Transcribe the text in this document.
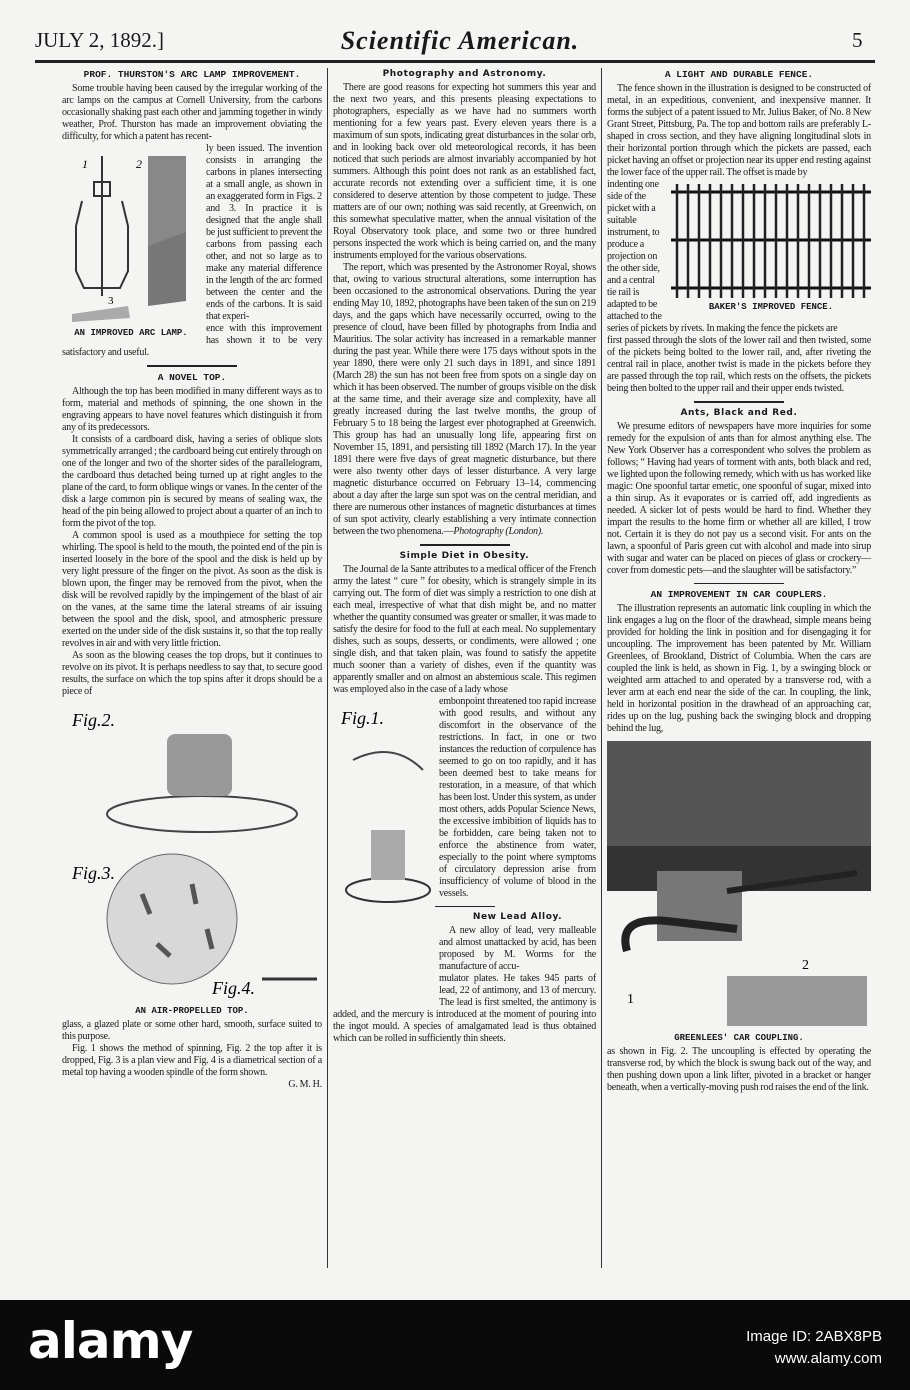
JULY 2, 1892.]	Scientific American.	5
PROF. THURSTON'S ARC LAMP IMPROVEMENT.

Some trouble having been caused by the irregular working of the arc lamps on the campus at Cornell University, from the carbons occasionally shaking past each other and jamming together in windy weather, Prof. Thurston has made an improvement obviating the difficulty, for which a patent has recent-

1	2
3
AN IMPROVED ARC LAMP.
ly been issued. The invention consists in arranging the carbons in planes intersecting at a small angle, as shown in an exaggerated form in Figs. 2 and 3. In practice it is designed that the angle shall be just sufficient to prevent the carbons from passing each other, and not so large as to make any material difference in the length of the arc formed between the center and the ends of the carbons. It is said that experi-
ence with this improvement has shown it to be very satisfactory and useful.
A NOVEL TOP.

Although the top has been modified in many different ways as to form, material and methods of spinning, the one shown in the engraving appears to have novel features which distinguish it from any of its predecessors.

It consists of a cardboard disk, having a series of oblique slots symmetrically arranged ; the cardboard being cut entirely through on one of the longer and two of the shorter sides of the parallelogram, the cardboard thus detached being turned up at right angles to the plane of the card, to form oblique wings or vanes. In the center of the disk a large common pin is secured by means of sealing wax, the head of the pin being allowed to project about a quarter of an inch to form the pivot of the top.

A common spool is used as a mouthpiece for setting the top whirling. The spool is held to the mouth, the pointed end of the pin is inserted loosely in the bore of the spool and the disk is held up by very light pressure of the finger on the pivot. As soon as the disk is blown upon, the finger may be removed from the pivot, when the disk will be revolved rapidly by the impingement of the blast of air on the vanes, at the same time the lateral streams of air issuing between the spool and the disk, spool, and atmospheric pressure exerted on the under side of the disk sustains it, so that the top really revolves in air and with very little friction.

As soon as the blowing ceases the top drops, but it continues to revolve on its pivot. It is perhaps needless to say that, to secure good results, the surface on which the top spins after it drops should be a piece of

Fig.2.
Fig.3.
Fig.4.
AN AIR-PROPELLED TOP.

glass, a glazed plate or some other hard, smooth, surface suited to this purpose.

Fig. 1 shows the method of spinning, Fig. 2 the top after it is dropped, Fig. 3 is a plan view and Fig. 4 is a diametrical section of a metal top having a wooden spindle of the form shown.

G. M. H.
Photography and Astronomy.

There are good reasons for expecting hot summers this year and the next two years, and this presents pleasing expectations to photographers, especially as we have had no summers worth mentioning for a few years past. Every eleven years there is a maximum of sun spots, indicating great disturbances in the solar orb, and in looking back over old meteorological records, it has been noticed that such periods are almost invariably accompanied by hot summers. Although this point does not rank as an established fact, accurate records not extending over a sufficient time, it is one considered to deserve attention by those competent to judge. These matters are of our own; nothing was said recently, at Greenwich, on this somewhat speculative matter, when the annual visitation of the Royal Observatory took place, and some two or three hundred persons inspected the work which is being carried on, and the many instruments employed for the various observations.

The report, which was presented by the Astronomer Royal, shows that, owing to various structural alterations, some interruption has been occasioned to the astronomical observations. During the year ending May 10, 1892, photographs have been taken of the sun on 219 days, and the gaps which have necessarily occurred, owing to the presence of cloud, have been filled by photographs from India and Mauritius. The solar activity has increased in a remarkable manner during the past year. While there were 175 days without spots in the year 1890, there were only 21 such days in 1891, and since 1891 (March 28) the sun has not been free from spots on a single day on which it has been observed. The number of groups visible on the disk at the same time, and their average size and complexity, have all greatly increased during the last twelve months, the group of February 5 to 18 being the largest ever photographed at Greenwich. This group has had an unusually long life, appearing first on November 15, 1891, and persisting till 1892 (March 17). In the year 1891 there were five days of great magnetic disturbance, but there were also twenty other days of lesser disturbance. A very large magnetic disturbance occurred on February 13–14, commencing about a day after the large sun spot was on the central meridian, and there are numerous other instances of magnetic disturbances at times of sun spot activity, clearly establishing a very intimate connection between the two phenomena.—Photography (London).

Simple Diet in Obesity.

The Journal de la Sante attributes to a medical officer of the French army the latest “ cure ” for obesity, which is strangely simple in its carrying out. The form of diet was simply a restriction to one dish at each meal, irrespective of what that dish might be, and no matter whether the quantity consumed was greater or smaller, it was made to satisfy the desire for food to the full at each meal. No supplementary dishes, such as soups, desserts, or condiments, were allowed ; one single dish, and that taken plain, was found to satisfy the appetite much sooner than a variety of dishes, even if the quantity was apparently smaller and on almost an abstemious scale. This regimen was employed also in the case of a lady whose

Fig.1.
embonpoint threatened too rapid increase with good results, and without any discomfort in the observance of the restrictions. In fact, in one or two instances the reduction of corpulence has seemed to go on too rapidly, and it has been deemed best to take means for restoration, in a measure, of that which has been lost. Under this system, as under most others, adds Popular Science News, the excessive imbibition of liquids has to be forbidden, care being taken not to enforce the abstinence from water, especially to the point where symptoms of circulatory depression arise from insufficiency of volume of blood in the vessels.
New Lead Alloy.

A new alloy of lead, very malleable and almost unattacked by acid, has been proposed by M. Worms for the manufacture of accu-

mulator plates. He takes 945 parts of lead, 22 of antimony, and 13 of mercury. The lead is first smelted, the antimony is added, and the mercury is introduced at the moment of pouring into the ingot mould. A species of amalgamated lead is thus obtained which can be rolled in sufficiently thin sheets.
A LIGHT AND DURABLE FENCE.

The fence shown in the illustration is designed to be constructed of metal, in an expeditious, convenient, and inexpensive manner. It forms the subject of a patent issued to Mr. Julius Baker, of No. 8 New Grant Street, Pittsburg, Pa. The top and bottom rails are preferably L-shaped in cross section, and they have aligning longitudinal slots in their horizontal portion through which the pickets are passed, each picket having an offset or projection near its upper end resting against the lower face of the upper rail. The offset is made by

BAKER'S IMPROVED FENCE.
indenting one side of the picket with a suitable instrument, to produce a projection on the other side, and a central tie rail is adapted to be attached to the series of pickets by rivets. In making the fence the pickets are
first passed through the slots of the lower rail and then twisted, some of the pickets being bolted to the lower rail, and, after riveting the central rail in place, another twist is made in the pickets before they are passed through the top rail, which rests on the offsets, the pickets being then bolted to the upper rail and their upper ends twisted.
Ants, Black and Red.

We presume editors of newspapers have more inquiries for some remedy for the expulsion of ants than for almost anything else. The New York Observer has a correspondent who solves the problem as follows; “ Having had years of torment with ants, both black and red, we lighted upon the following remedy, which with us has worked like magic: One spoonful tartar emetic, one spoonful of sugar, mixed into a thin sirup. As it evaporates or is carried off, add ingredients as needed. A sicker lot of pests would be hard to find. Whether they impart the results to the home firm or whether all are killed, I trow not. Certain it is they do not pay us a second visit. For ants on the lawn, a spoonful of Paris green cut with alcohol and made into sirup with sugar and water can be placed on pieces of glass or crockery—cover from domestic pets—and the slaughter will be satisfactory.”

AN IMPROVEMENT IN CAR COUPLERS.

The illustration represents an automatic link coupling in which the link engages a lug on the floor of the drawhead, simple means being provided for holding the link in position and for disengaging it for uncoupling. The improvement has been patented by Mr. William Greenlees, of Brookland, District of Columbia. When the cars are coupled the link is held, as shown in Fig. 1, by a swinging block or weighted arm attached to and operated by a transverse rod, with a lever arm at each end near the side of the car. In coupling, the link, held in horizontal position in the drawhead of an approaching car, rides up on the lug, pushing back the swinging block and dropping behind the lug,

1
2
GREENLEES' CAR COUPLING.
as shown in Fig. 2. The uncoupling is effected by operating the transverse rod, by which the block is swung back out of the way, and then pushing down upon a link lifter, pivoted in a bracket or hanger beneath, when a vertically-moving push rod raises the end of the link.
alamy	Image ID: 2ABX8PB
www.alamy.com
